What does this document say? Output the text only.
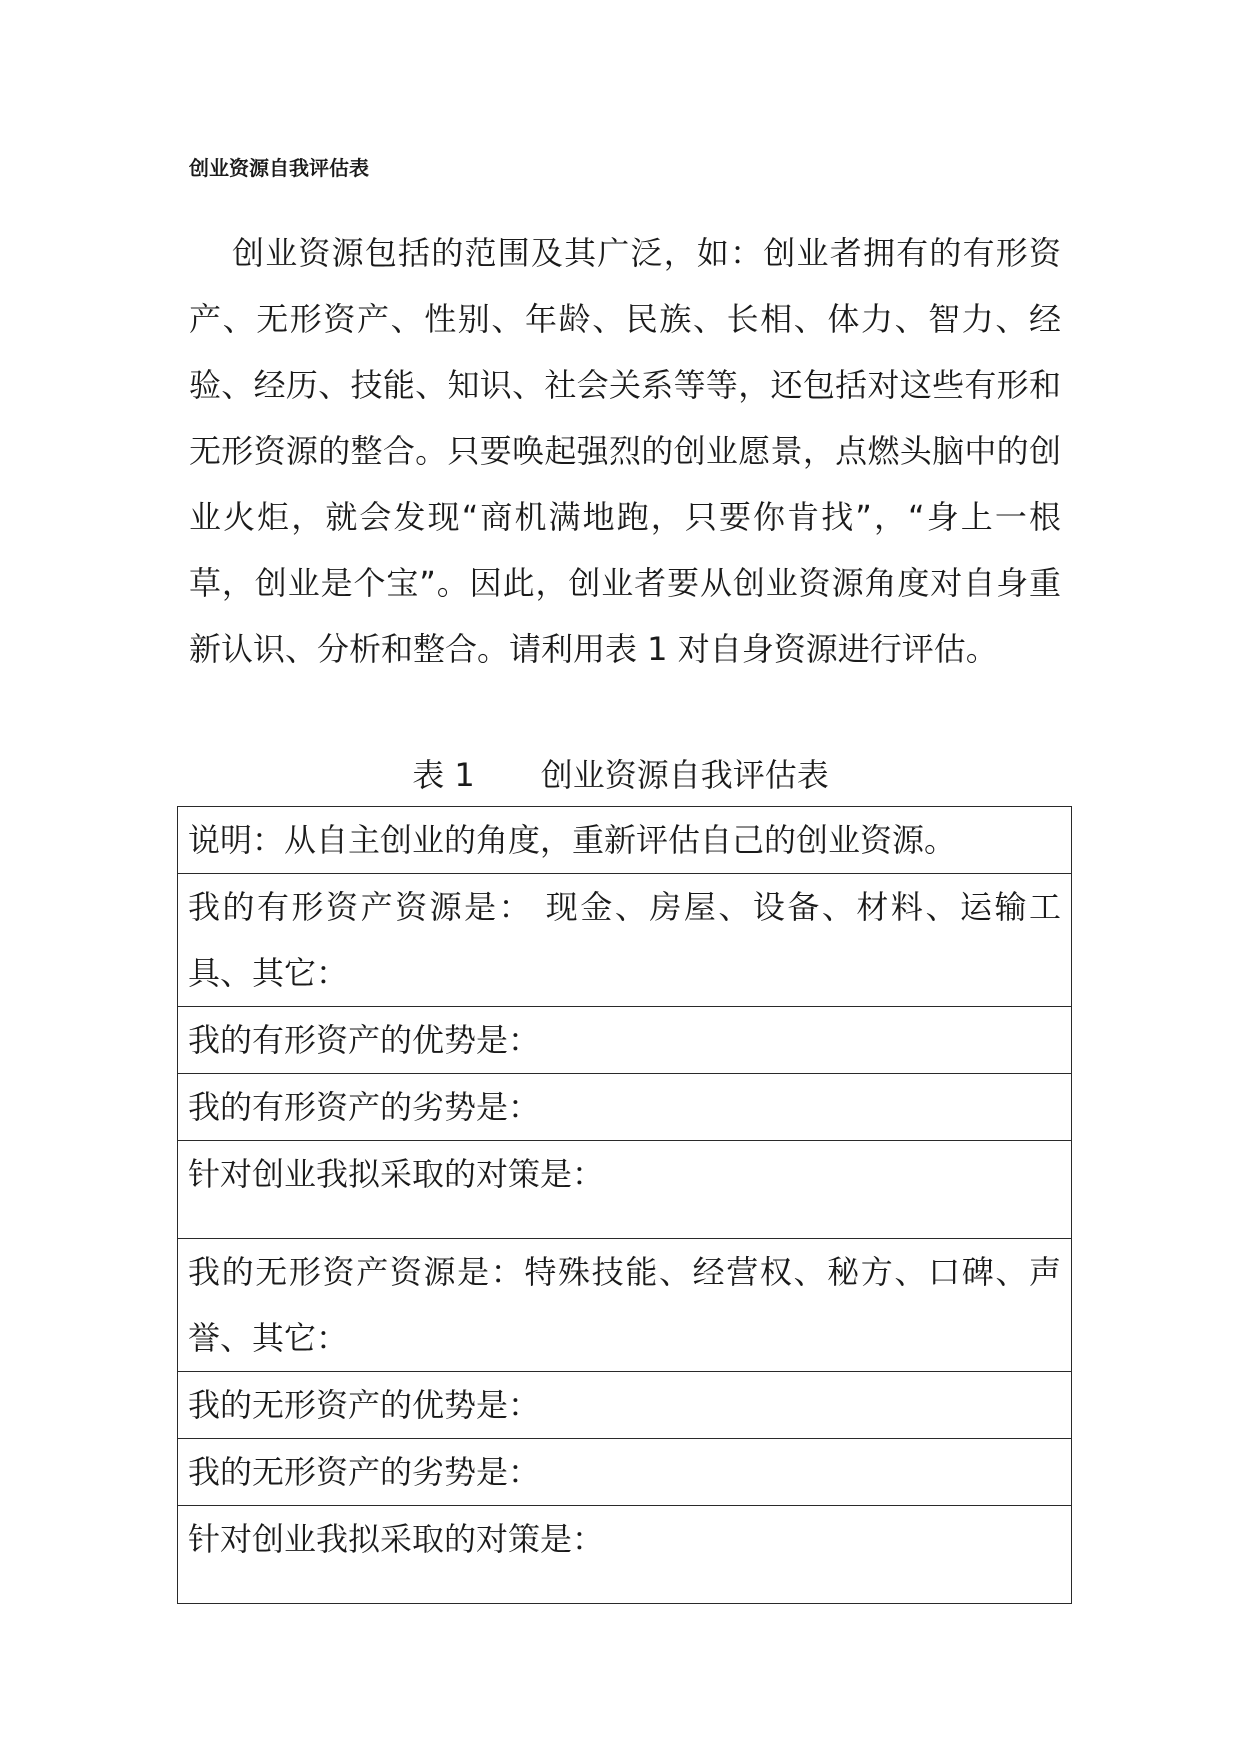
创业资源自我评估表

创业资源包括的范围及其广泛，如：创业者拥有的有形资产、无形资产、性别、年龄、民族、长相、体力、智力、经验、经历、技能、知识、社会关系等等，还包括对这些有形和无形资源的整合。只要唤起强烈的创业愿景，点燃头脑中的创业火炬，就会发现“商机满地跑，只要你肯找”，“身上一根草，创业是个宝”。因此，创业者要从创业资源角度对自身重新认识、分析和整合。请利用表 1 对自身资源进行评估。

表 1 创业资源自我评估表
说明：从自主创业的角度，重新评估自己的创业资源。
我的有形资产资源是： 现金、房屋、设备、材料、运输工具、其它：
我的有形资产的优势是：
我的有形资产的劣势是：
针对创业我拟采取的对策是：
我的无形资产资源是：特殊技能、经营权、秘方、口碑、声誉、其它：
我的无形资产的优势是：
我的无形资产的劣势是：
针对创业我拟采取的对策是：
